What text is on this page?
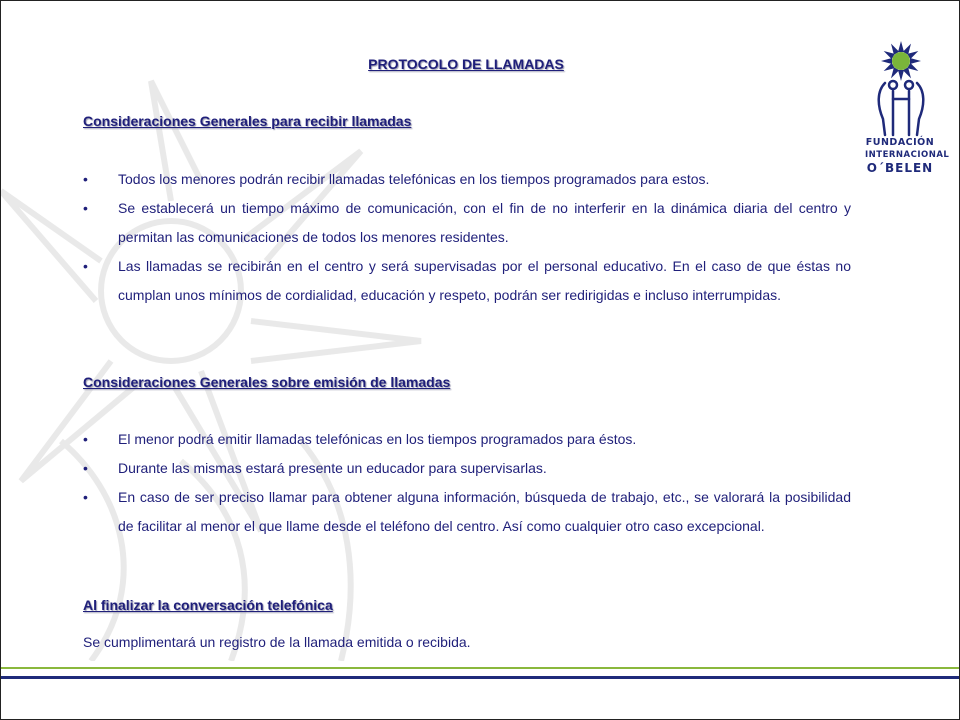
PROTOCOLO DE LLAMADAS
Consideraciones Generales para recibir llamadas
• Todos los menores podrán recibir llamadas telefónicas en los tiempos programados para estos.
• Se establecerá un tiempo máximo de comunicación, con el fin de no interferir en la dinámica diaria del centro y permitan las comunicaciones de todos los menores residentes.
• Las llamadas se recibirán en el centro y será supervisadas por el personal educativo. En el caso de que éstas no cumplan unos mínimos de cordialidad, educación y respeto, podrán ser redirigidas e incluso interrumpidas.
Consideraciones Generales sobre emisión de llamadas
• El menor podrá emitir llamadas telefónicas en los tiempos programados para éstos.
• Durante las mismas estará presente un educador para supervisarlas.
• En caso de ser preciso llamar para obtener alguna información, búsqueda de trabajo, etc., se valorará la posibilidad de facilitar al menor el que llame desde el teléfono del centro. Así como cualquier otro caso excepcional.
Al finalizar la conversación telefónica
Se cumplimentará un registro de la llamada emitida o recibida.
FUNDACIÓN
INTERNACIONAL
O´BELEN
